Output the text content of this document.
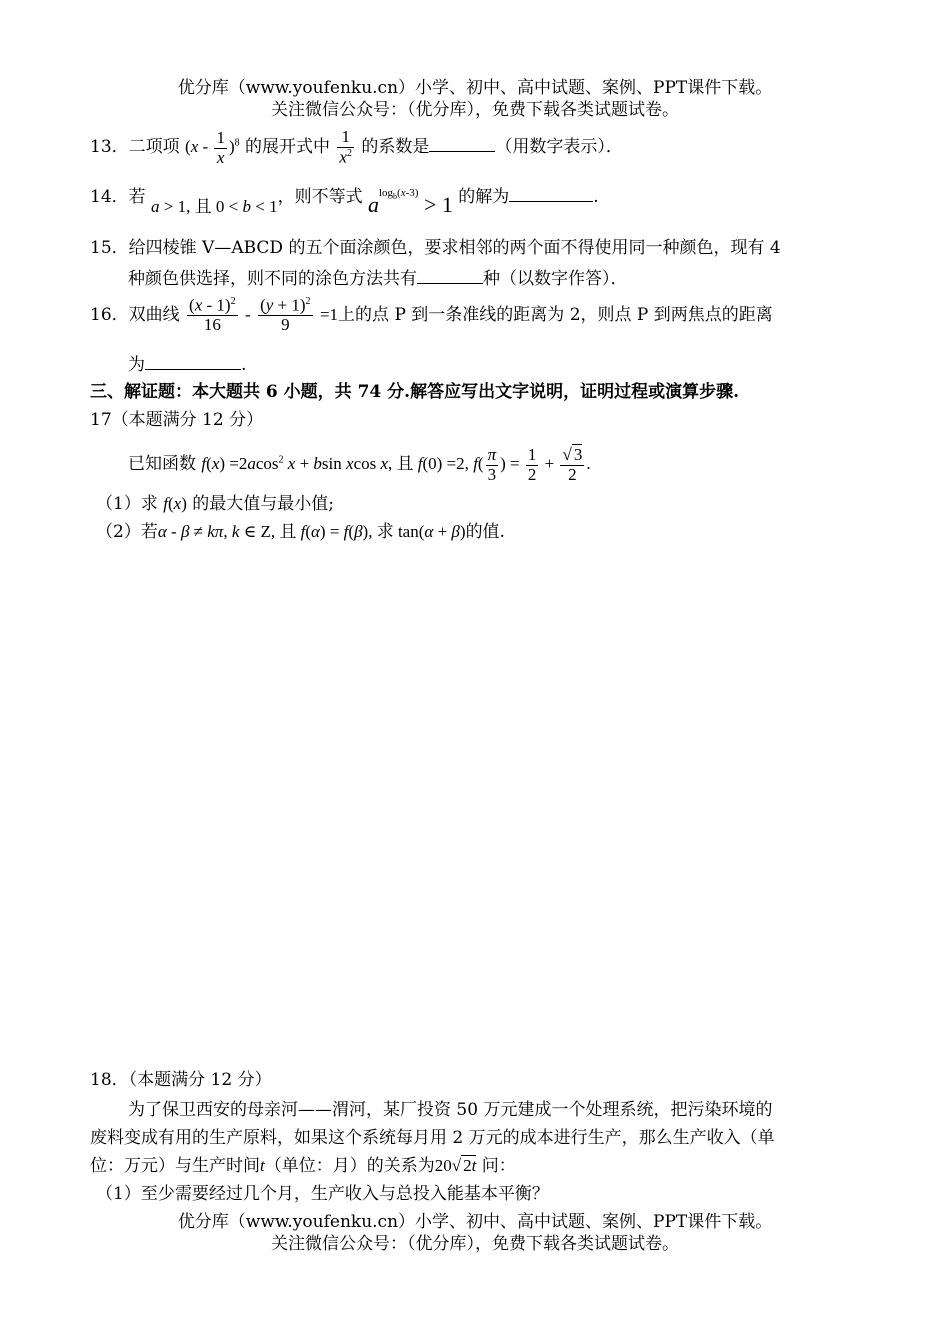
优分库（www.youfenku.cn）小学、初中、高中试题、案例、PPT课件下载。
关注微信公众号：（优分库），免费下载各类试题试卷。
13．二项项 $(x - \frac{1}{x} )^8$ 的展开式中 $\frac{1}{x^2}$ 的系数是	（用数字表示）．
14．若 a > 1, 且 0 < b < 1，则不等式 $a^{log_b(x-3)} > 1$ 的解为	.
15．给四棱锥 V—ABCD 的五个面涂颜色，要求相邻的两个面不得使用同一种颜色，现有 4
种颜色供选择，则不同的涂色方法共有	种（以数字作答）．
16．双曲线 $\frac{(x - 1)^2}{16} - \frac{(y + 1)^2}{9} =1$上的点 P 到一条准线的距离为 2，则点 P 到两焦点的距离
为	.
三、解证题：本大题共 6 小题，共 74 分.解答应写出文字说明，证明过程或演算步骤.
17（本题满分 12 分）
已知函数 f(x) =2acos$^2$ x + bsin xcos x, 且 f(0) =2, $f( \frac{\pi}{3}$ ) = $\frac{1}{2} + \frac{√ 3}{2}$ .
（1）求 f(x) 的最大值与最小值;
（2）若α - β ≠ kπ, k ∈ Z, 且 f(α) = f(β), 求 tan(α + β)的值.
18．（本题满分 12 分）
为了保卫西安的母亲河——渭河，某厂投资 50 万元建成一个处理系统，把污染环境的
废料变成有用的生产原料，如果这个系统每月用 2 万元的成本进行生产，那么生产收入（单
位：万元）与生产时间t（单位：月）的关系为20√ 2t 问：
（1）至少需要经过几个月，生产收入与总投入能基本平衡？
优分库（www.youfenku.cn）小学、初中、高中试题、案例、PPT课件下载。
关注微信公众号：（优分库），免费下载各类试题试卷。
